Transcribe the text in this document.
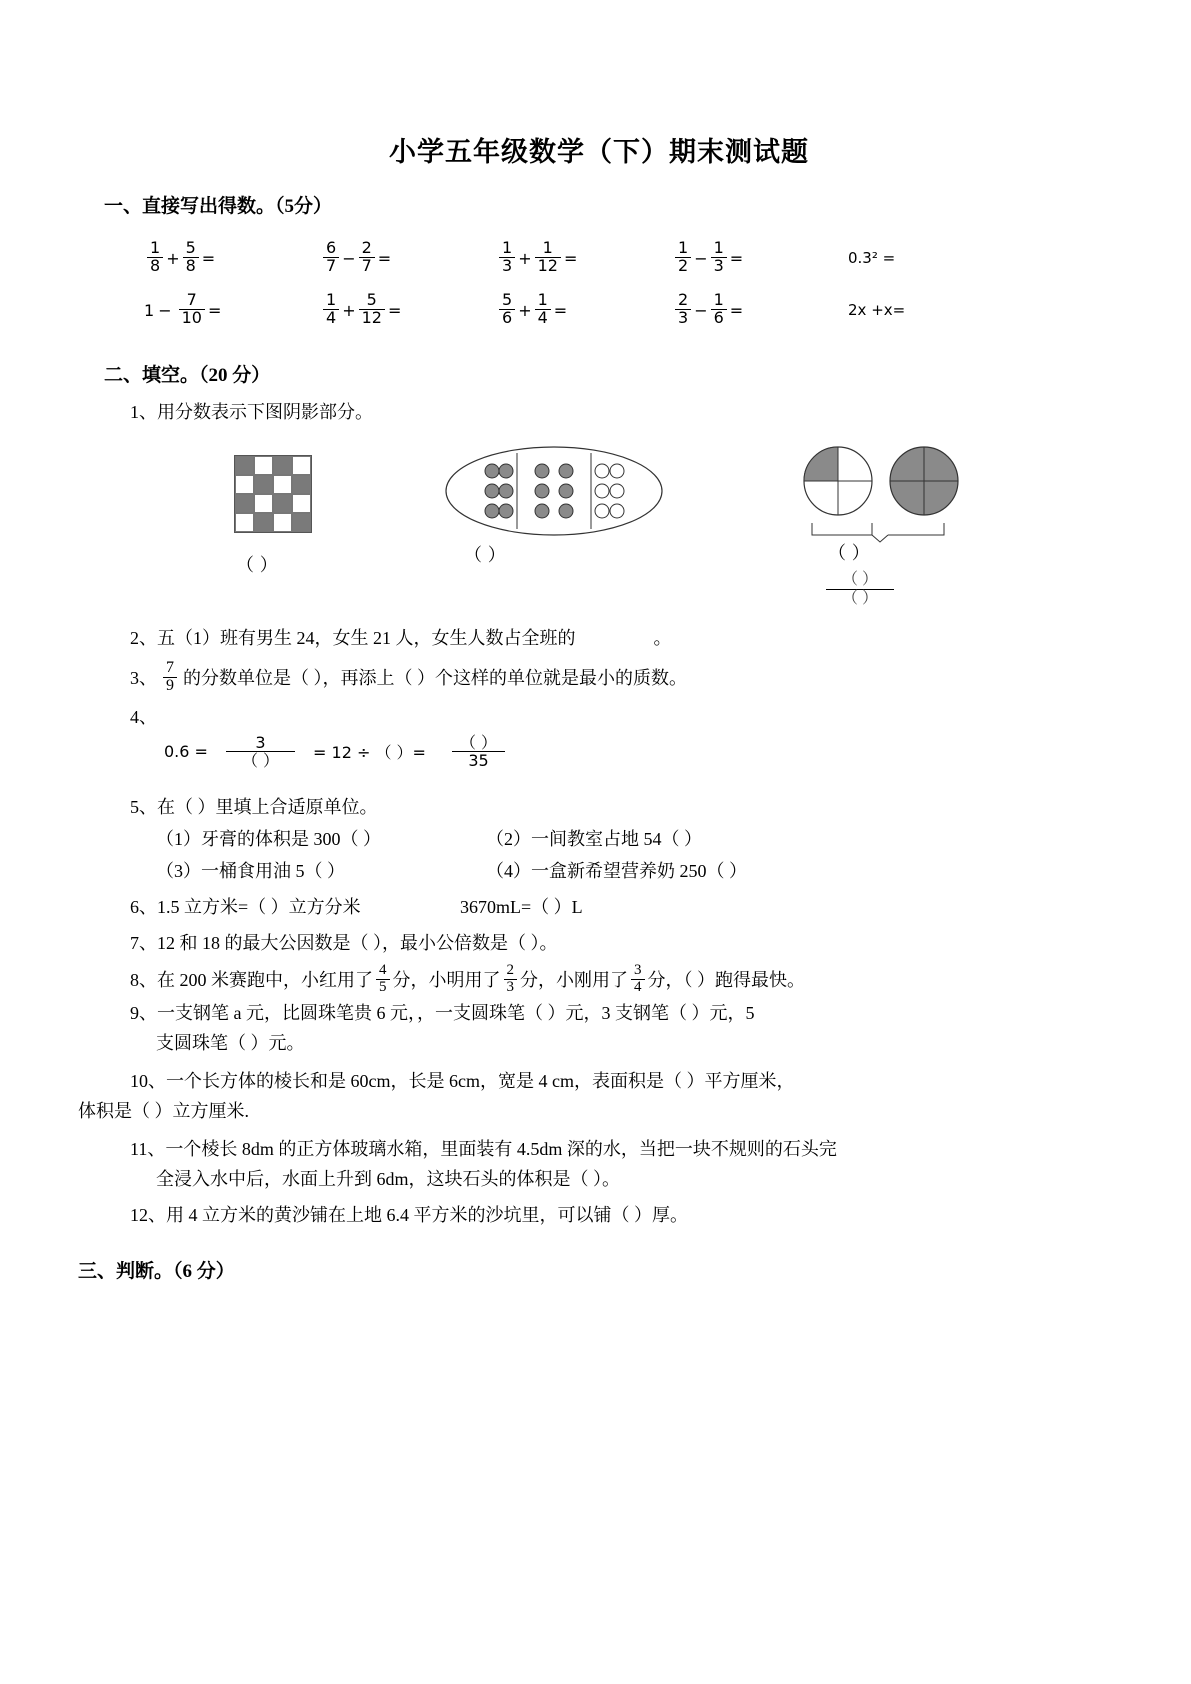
小学五年级数学（下）期末测试题
一、直接写出得数。（5分）
$\frac{1}{8} + \frac{5}{8}$ =	$\frac{6}{7} - \frac{2}{7}$ =	$\frac{1}{3} + \frac{1}{12}$ =	$\frac{1}{2} - \frac{1}{3}$ =	0.3² =
$1 - \frac{7}{10}$ =	$\frac{1}{4} + \frac{5}{12}$ =	$\frac{5}{6} + \frac{1}{4}$ =	$\frac{2}{3} - \frac{1}{6}$ =	2x +x=
二、填空。（20 分）
1、用分数表示下图阴影部分。
（ ）	（ ）	（ ）
$\frac{( )}{( )}$
2、五（1）班有男生 24，女生 21 人，女生人数占全班的	。
3、 $\frac{7}{9}$ 的分数单位是（ ），再添上（ ）个这样的单位就是最小的质数。
4、
$0.6 = \frac{3}{( )} = 12$ ÷ （ ）= $\frac{( )}{35}$
5、在（ ）里填上合适原单位。
（1）牙膏的体积是 300（ ）	（2）一间教室占地 54（ ）
（3）一桶食用油 5（ ）	（4）一盒新希望营养奶 250（ ）
6、1.5 立方米=（ ）立方分米	3670mL=（ ）L
7、12 和 18 的最大公因数是（ ），最小公倍数是（ ）。
8、在 200 米赛跑中，小红用了 $\frac{4}{5}$ 分，小明用了 $\frac{2}{3}$ 分，小刚用了 $\frac{3}{4}$ 分，（ ）跑得最快。
9、一支钢笔 a 元，比圆珠笔贵 6 元，，一支圆珠笔（ ）元，3 支钢笔（ ）元，5
支圆珠笔（ ）元。
10、一个长方体的棱长和是 60cm，长是 6cm，宽是 4 cm，表面积是（ ）平方厘米，
体积是（ ）立方厘米.
11、一个棱长 8dm 的正方体玻璃水箱，里面装有 4.5dm 深的水，当把一块不规则的石头完
全浸入水中后，水面上升到 6dm，这块石头的体积是（ ）。
12、用 4 立方米的黄沙铺在上地 6.4 平方米的沙坑里，可以铺（ ）厚。
三、判断。（6 分）
